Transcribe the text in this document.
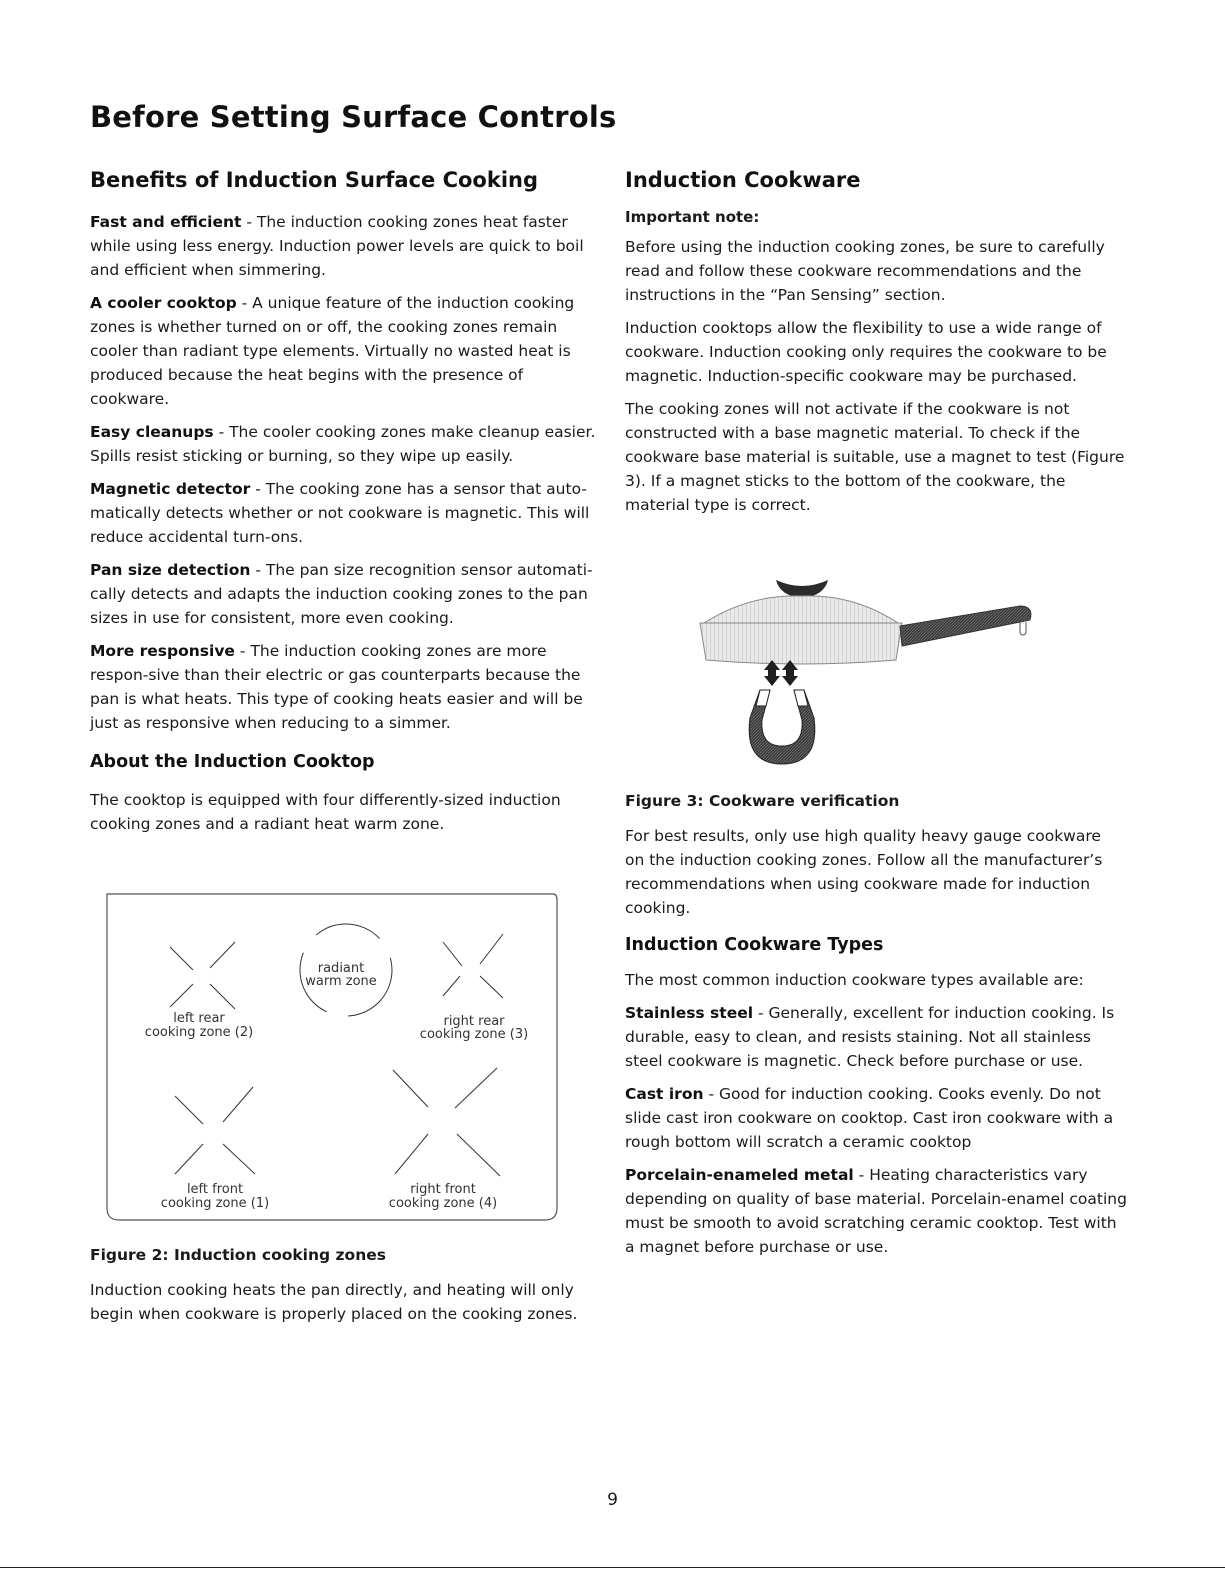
Before Setting Surface Controls
Benefits of Induction Surface Cooking

Fast and efficient - The induction cooking zones heat faster while using less energy. Induction power levels are quick to boil and efficient when simmering.

A cooler cooktop - A unique feature of the induction cooking zones is whether turned on or off, the cooking zones remain cooler than radiant type elements. Virtually no wasted heat is produced because the heat begins with the presence of cookware.

Easy cleanups - The cooler cooking zones make cleanup easier. Spills resist sticking or burning, so they wipe up easily.

Magnetic detector - The cooking zone has a sensor that auto-matically detects whether or not cookware is magnetic. This will reduce accidental turn-ons.

Pan size detection - The pan size recognition sensor automati-cally detects and adapts the induction cooking zones to the pan sizes in use for consistent, more even cooking.

More responsive - The induction cooking zones are more respon-sive than their electric or gas counterparts because the pan is what heats. This type of cooking heats easier and will be just as responsive when reducing to a simmer.

About the Induction Cooktop

The cooktop is equipped with four differently-sized induction cooking zones and a radiant heat warm zone.

left rear
cooking zone (2)
radiant
warm zone
right rear
cooking zone (3)
left front
cooking zone (1)
right front
cooking zone (4)
Figure 2: Induction cooking zones

Induction cooking heats the pan directly, and heating will only begin when cookware is properly placed on the cooking zones.

Induction Cookware
Important note:

Before using the induction cooking zones, be sure to carefully read and follow these cookware recommendations and the instructions in the “Pan Sensing” section.

Induction cooktops allow the flexibility to use a wide range of cookware. Induction cooking only requires the cookware to be magnetic. Induction-specific cookware may be purchased.

The cooking zones will not activate if the cookware is not constructed with a base magnetic material. To check if the cookware base material is suitable, use a magnet to test (Figure 3). If a magnet sticks to the bottom of the cookware, the material type is correct.

Figure 3: Cookware verification

For best results, only use high quality heavy gauge cookware on the induction cooking zones. Follow all the manufacturer’s recommendations when using cookware made for induction cooking.

Induction Cookware Types

The most common induction cookware types available are:

Stainless steel - Generally, excellent for induction cooking. Is durable, easy to clean, and resists staining. Not all stainless steel cookware is magnetic. Check before purchase or use.

Cast iron - Good for induction cooking. Cooks evenly. Do not slide cast iron cookware on cooktop. Cast iron cookware with a rough bottom will scratch a ceramic cooktop

Porcelain-enameled metal - Heating characteristics vary depending on quality of base material. Porcelain-enamel coating must be smooth to avoid scratching ceramic cooktop. Test with a magnet before purchase or use.

9
